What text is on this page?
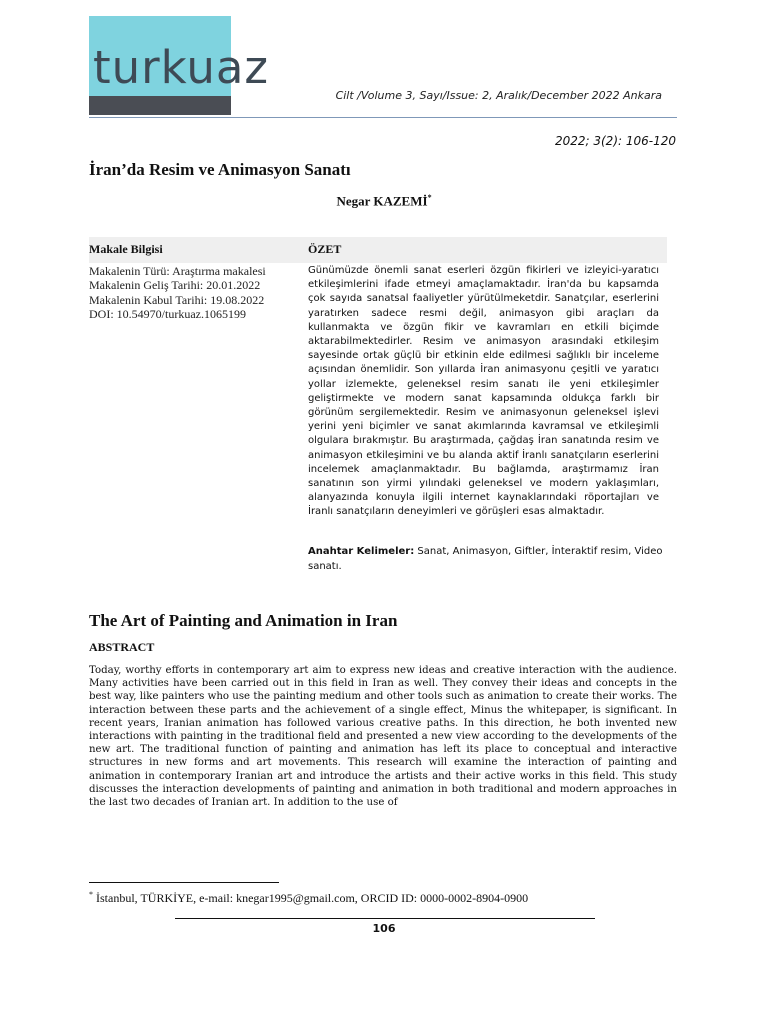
turkuaz
Cilt /Volume 3, Sayı/Issue: 2, Aralık/December 2022 Ankara
2022; 3(2): 106-120
İran’da Resim ve Animasyon Sanatı
Negar KAZEMİ*
Makale Bilgisi	ÖZET
Makalenin Türü: Araştırma makalesi
Makalenin Geliş Tarihi: 20.01.2022
Makalenin Kabul Tarihi: 19.08.2022
DOI: 10.54970/turkuaz.1065199

Günümüzde önemli sanat eserleri özgün fikirleri ve izleyici-yaratıcı etkileşimlerini ifade etmeyi amaçlamaktadır. İran'da bu kapsamda çok sayıda sanatsal faaliyetler yürütülmeketdir. Sanatçılar, eserlerini yaratırken sadece resmi değil, animasyon gibi araçları da kullanmakta ve özgün fikir ve kavramları en etkili biçimde aktarabilmektedirler. Resim ve animasyon arasındaki etkileşim sayesinde ortak güçlü bir etkinin elde edilmesi sağlıklı bir inceleme açısından önemlidir. Son yıllarda İran animasyonu çeşitli ve yaratıcı yollar izlemekte, geleneksel resim sanatı ile yeni etkileşimler geliştirmekte ve modern sanat kapsamında oldukça farklı bir görünüm sergilemektedir. Resim ve animasyonun geleneksel işlevi yerini yeni biçimler ve sanat akımlarında kavramsal ve etkileşimli olgulara bırakmıştır. Bu araştırmada, çağdaş İran sanatında resim ve animasyon etkileşimini ve bu alanda aktif İranlı sanatçıların eserlerini incelemek amaçlanmaktadır. Bu bağlamda, araştırmamız İran sanatının son yirmi yılındaki geleneksel ve modern yaklaşımları, alanyazında konuyla ilgili internet kaynaklarındaki röportajları ve İranlı sanatçıların deneyimleri ve görüşleri esas almaktadır.

Anahtar Kelimeler: Sanat, Animasyon, Giftler, İnteraktif resim, Video sanatı.

The Art of Painting and Animation in Iran
ABSTRACT

Today, worthy efforts in contemporary art aim to express new ideas and creative interaction with the audience. Many activities have been carried out in this field in Iran as well. They convey their ideas and concepts in the best way, like painters who use the painting medium and other tools such as animation to create their works. The interaction between these parts and the achievement of a single effect, Minus the whitepaper, is significant. In recent years, Iranian animation has followed various creative paths. In this direction, he both invented new interactions with painting in the traditional field and presented a new view according to the developments of the new art. The traditional function of painting and animation has left its place to conceptual and interactive structures in new forms and art movements. This research will examine the interaction of painting and animation in contemporary Iranian art and introduce the artists and their active works in this field. This study discusses the interaction developments of painting and animation in both traditional and modern approaches in the last two decades of Iranian art. In addition to the use of

* İstanbul, TÜRKİYE, e-mail: knegar1995@gmail.com, ORCID ID: 0000-0002-8904-0900
106
